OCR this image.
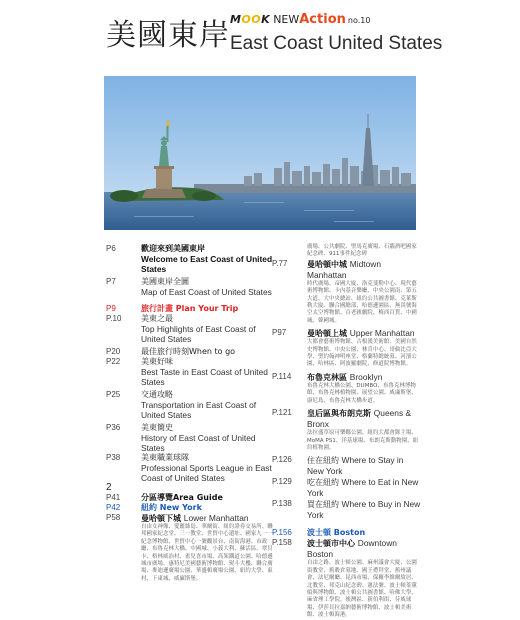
美國東岸 MOOK NEWAction no.10
East Coast United States
P6	歡迎來到美國東岸
Welcome to East Coast of United States
P7	美國東岸全圖
Map of East Coast of United States
P9	旅行計畫 Plan Your Trip
P.10 美東之最
Top Highlights of East Coast of United States
P20	最佳旅行時刻When to go
P22	美東好味
Best Taste in East Coast of United States
P25	交通攻略
Transportation in East Coast of United States
P36	美東簡史
History of East Coast of United States
P38	美東職業球隊
Professional Sports League in East Coast of United States
P41	分區導覽Area Guide
P42	紐約 New York
P58	曼哈頓下城 Lower Manhattan
自由女神像、愛麗絲島、華爾街、紐約證券交易所、聯邦國家紀念堂、三一教堂、世貿中心遺址、國家九一一紀念博物館、世貿中心一號觀景台、南街海港、市政廳、布魯克林大橋、中國城、小義大利、蘇活區、翠貝卡、格林威治村、雀兒喜市場、高架鐵道公園、哈德遜城市廣場、惠特尼美國藝術博物館、熨斗大樓、聯合廣場、麥迪遜廣場公園、華盛頓廣場公園、紐約大學、東村、下東城、威廉斯堡。
廣場、公共劇院、聖馬克廣場、石牆酒吧國家紀念碑、911事件紀念碑
P.77 曼哈頓中城 Midtown Manhattan
時代廣場、帝國大廈、洛克斐勒中心、現代藝術博物館、卡內基音樂廳、中央公園南、第五大道、大中央總站、紐約公共圖書館、克萊斯勒大廈、聯合國總部、哈德遜園區、無畏號海空太空博物館、百老匯劇院、梅西百貨、中國城、韓國城。
P97	曼哈頓上城 Upper Manhattan
大都會藝術博物館、古根漢美術館、美國自然史博物館、中央公園、林肯中心、哥倫比亞大學、聖約翰神明座堂、格蘭特總統墓、河濱公園、哈林區、阿波羅劇院、修道院博物館。
P.114 布魯克林區 Brooklyn
布魯克林大橋公園、DUMBO、布魯克林博物館、布魯克林植物園、展望公園、威廉斯堡、康尼島、布魯克林大橋步道。
P.121 皇后區與布朗克斯 Queens & Bronx
法拉盛草原可樂娜公園、紐約大都會隊主場、MoMA PS1、洋基球場、布朗克斯動物園、紐約植物園。
P.126 住在紐約 Where to Stay in New York
P.129 吃在紐約 Where to Eat in New York
P.138 買在紐約 Where to Buy in New York
P.156 波士頓 Boston
P.158 波士頓市中心 Downtown Boston
自由之路、波士頓公園、麻州議會大廈、公園街教堂、舊穀倉墓地、國王禮拜堂、舊州議會、法尼爾廳、昆西市場、保羅李維爾故居、北教堂、邦克山紀念碑、憲法號、波士頓茶黨船與博物館、波士頓公共圖書館、哈佛大學、麻省理工學院、後灣區、新伯利街、芬威球場、伊莎貝拉嘉納藝術博物館、波士頓美術館、波士頓海港。
2
